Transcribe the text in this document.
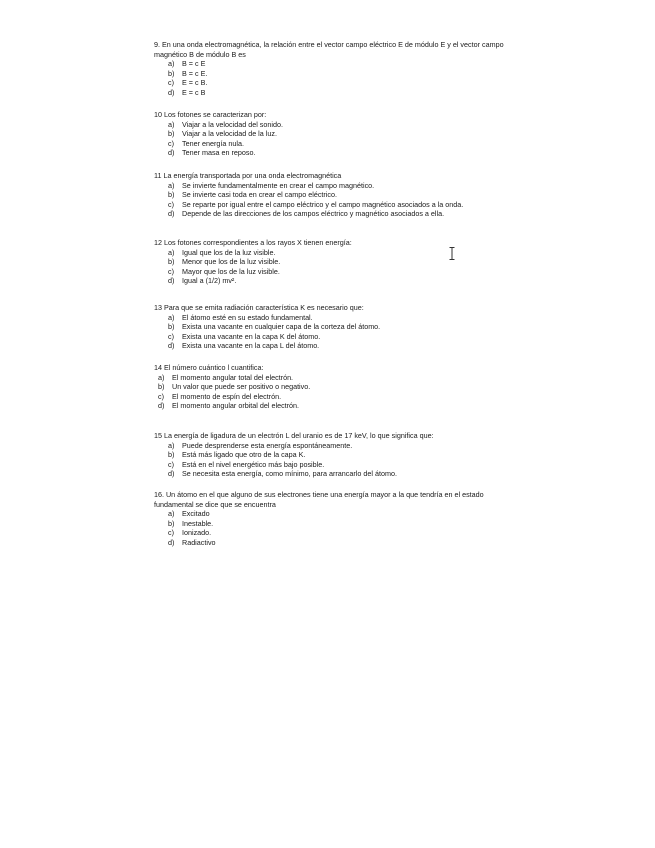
9. En una onda electromagnética, la relación entre el vector campo eléctrico E de módulo E y el vector campo magnético B de módulo B es

a) B = c E
b) B = c E.
c) E = c B.
d) E = c B

10 Los fotones se caracterizan por:

a) Viajar a la velocidad del sonido.
b) Viajar a la velocidad de la luz.
c) Tener energía nula.
d) Tener masa en reposo.

11 La energía transportada por una onda electromagnética

a) Se invierte fundamentalmente en crear el campo magnético.
b) Se invierte casi toda en crear el campo eléctrico.
c) Se reparte por igual entre el campo eléctrico y el campo magnético asociados a la onda.
d) Depende de las direcciones de los campos eléctrico y magnético asociados a ella.

12 Los fotones correspondientes a los rayos X tienen energía:

a) Igual que los de la luz visible.
b) Menor que los de la luz visible.
c) Mayor que los de la luz visible.
d) Igual a (1/2) mv².

13 Para que se emita radiación característica K es necesario que:

a) El átomo esté en su estado fundamental.
b) Exista una vacante en cualquier capa de la corteza del átomo.
c) Exista una vacante en la capa K del átomo.
d) Exista una vacante en la capa L del átomo.

14 El número cuántico l cuantifica:

a) El momento angular total del electrón.
b) Un valor que puede ser positivo o negativo.
c) El momento de espín del electrón.
d) El momento angular orbital del electrón.

15 La energía de ligadura de un electrón L del uranio es de 17 keV, lo que significa que:

a) Puede desprenderse esta energía espontáneamente.
b) Está más ligado que otro de la capa K.
c) Está en el nivel energético más bajo posible.
d) Se necesita esta energía, como mínimo, para arrancarlo del átomo.

16. Un átomo en el que alguno de sus electrones tiene una energía mayor a la que tendría en el estado fundamental se dice que se encuentra

a) Excitado
b) Inestable.
c) Ionizado.
d) Radiactivo
